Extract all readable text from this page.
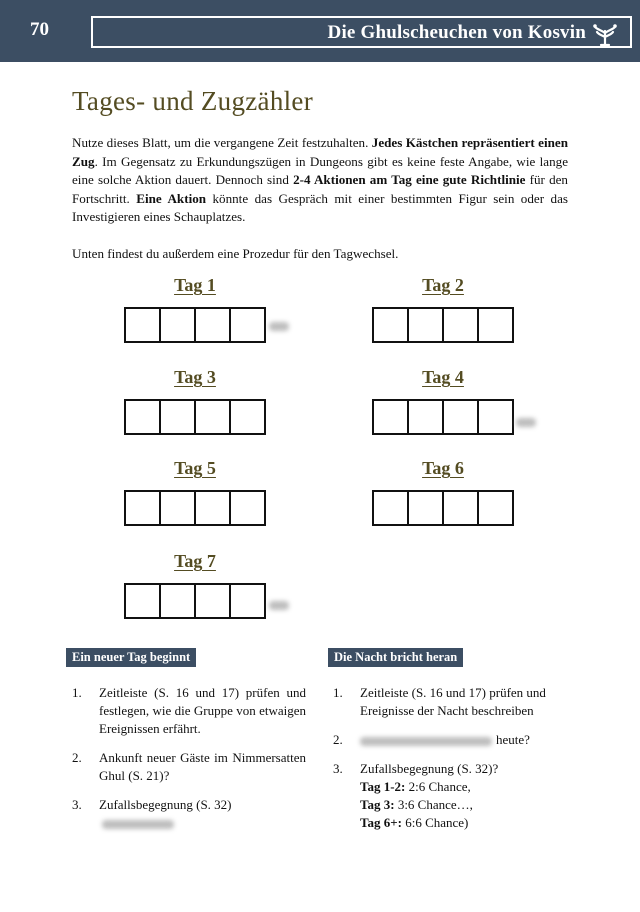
70	Die Ghulscheuchen von Kosvin
Tages- und Zugzähler

Nutze dieses Blatt, um die vergangene Zeit festzuhalten. Jedes Kästchen repräsentiert einen Zug. Im Gegensatz zu Erkundungszügen in Dungeons gibt es keine feste Angabe, wie lange eine solche Aktion dauert. Dennoch sind 2-4 Aktionen am Tag eine gute Richtlinie für den Fortschritt. Eine Aktion könnte das Gespräch mit einer bestimmten Figur sein oder das Investigieren eines Schauplatzes.

Unten findest du außerdem eine Prozedur für den Tagwechsel.

Tag 1	Tag 2
Tag 3	Tag 4
Tag 5	Tag 6
Tag 7
Ein neuer Tag beginnt
1. Zeitleiste (S. 16 und 17) prüfen und festlegen, wie die Gruppe von etwaigen Ereignissen erfährt.
2. Ankunft neuer Gäste im Nimmersatten Ghul (S. 21)?
3. Zufallsbegegnung (S. 32)
Die Nacht bricht heran
1. Zeitleiste (S. 16 und 17) prüfen und Ereignisse der Nacht beschreiben
2.	heute?
3. Zufallsbegegnung (S. 32)?
Tag 1-2: 2:6 Chance,
Tag 3: 3:6 Chance…,
Tag 6+: 6:6 Chance)
